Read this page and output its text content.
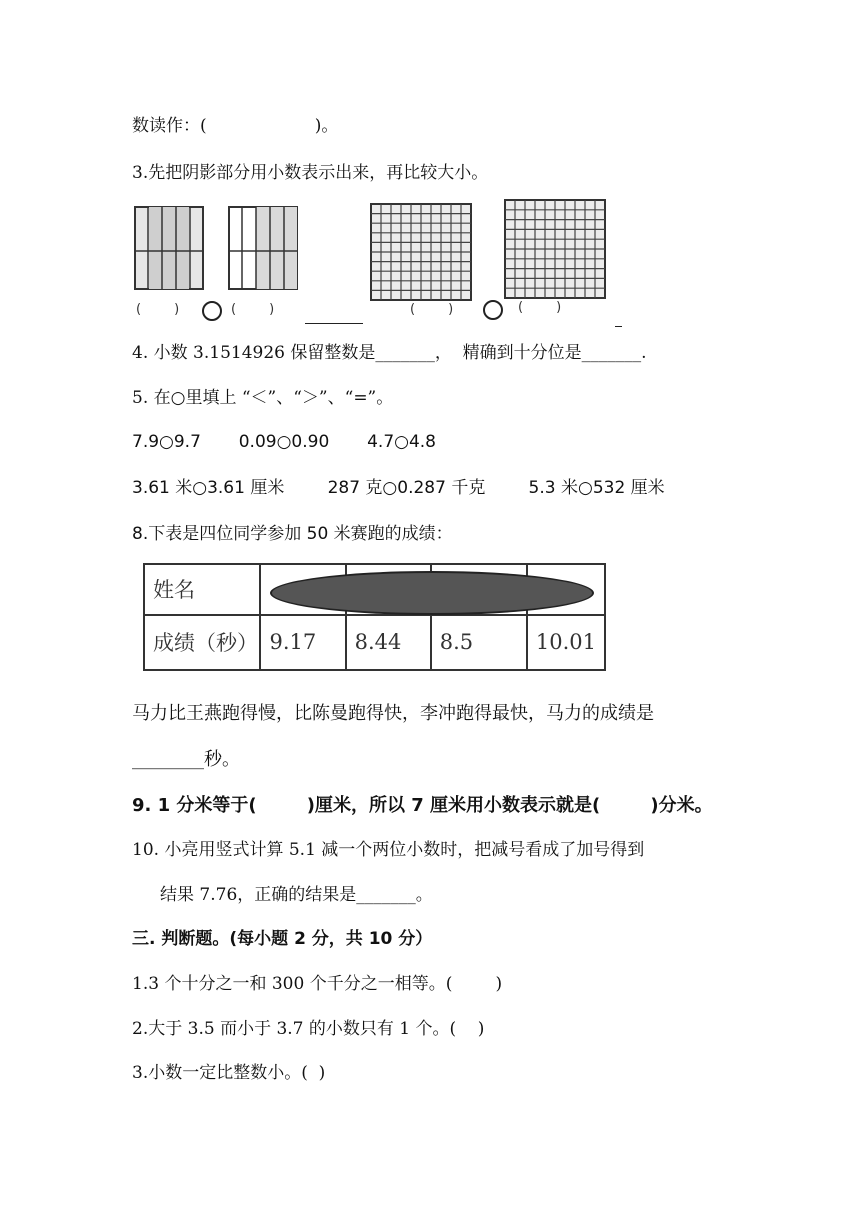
数读作：(                    )。
3.先把阴影部分用小数表示出来，再比较大小。
(        )	(        )	(        )	(        )
4. 小数 3.1514926 保留整数是_______，  精确到十分位是_______.
5. 在○里填上 “＜”、“＞”、“=”。
7.9○9.7       0.09○0.90       4.7○4.8
3.61 米○3.61 厘米        287 克○0.287 千克        5.3 米○532 厘米
8.下表是四位同学参加 50 米赛跑的成绩：
姓名				
成绩（秒）	9.17	8.44	8.5	10.01
马力比王燕跑得慢，比陈曼跑得快，李冲跑得最快，马力的成绩是
________秒。
9. 1 分米等于(        )厘米，所以 7 厘米用小数表示就是(        )分米。
10. 小亮用竖式计算 5.1 减一个两位小数时，把减号看成了加号得到
结果 7.76，正确的结果是_______。
三. 判断题。(每小题 2 分，共 10 分）
1.3 个十分之一和 300 个千分之一相等。(        )
2.大于 3.5 而小于 3.7 的小数只有 1 个。(    )
3.小数一定比整数小。(  )
